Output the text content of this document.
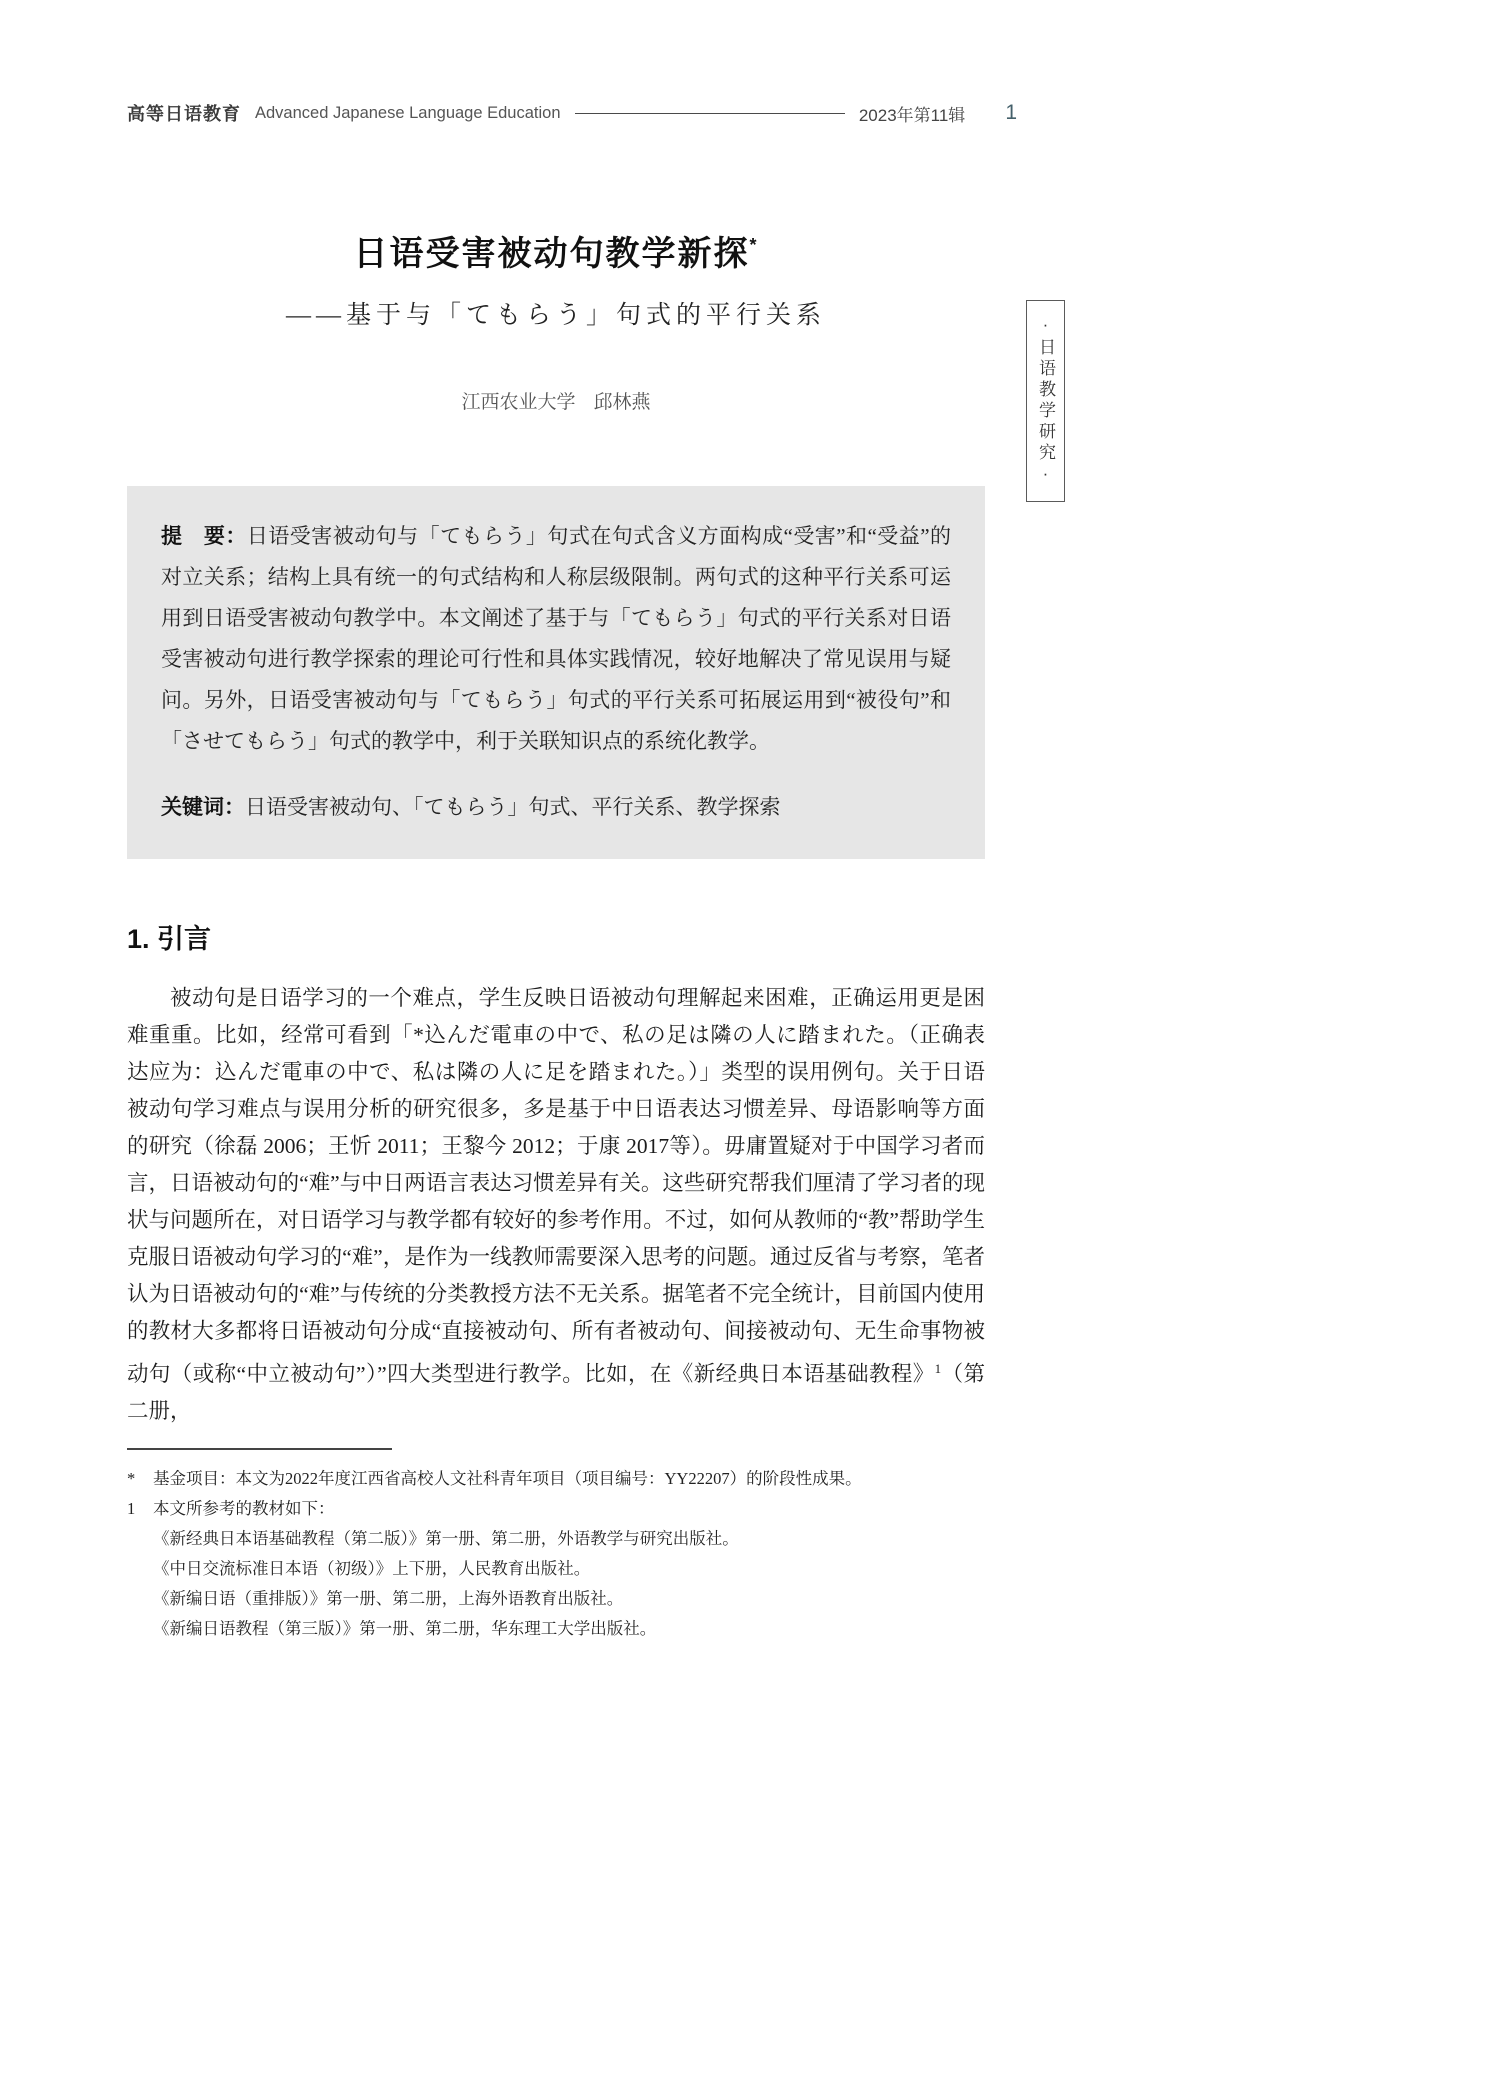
·日语教学研究·
高等日语教育 Advanced Japanese Language Education	2023年第11辑 1
日语受害被动句教学新探*
——基于与「てもらう」句式的平行关系
江西农业大学 邱林燕

提　要：日语受害被动句与「てもらう」句式在句式含义方面构成“受害”和“受益”的对立关系；结构上具有统一的句式结构和人称层级限制。两句式的这种平行关系可运用到日语受害被动句教学中。本文阐述了基于与「てもらう」句式的平行关系对日语受害被动句进行教学探索的理论可行性和具体实践情况，较好地解决了常见误用与疑问。另外，日语受害被动句与「てもらう」句式的平行关系可拓展运用到“被役句”和「させてもらう」句式的教学中，利于关联知识点的系统化教学。

关键词：日语受害被动句、「てもらう」句式、平行关系、教学探索

1. 引言

被动句是日语学习的一个难点，学生反映日语被动句理解起来困难，正确运用更是困难重重。比如，经常可看到「*込んだ電車の中で、私の足は隣の人に踏まれた。（正确表达应为：込んだ電車の中で、私は隣の人に足を踏まれた。）」类型的误用例句。关于日语被动句学习难点与误用分析的研究很多，多是基于中日语表达习惯差异、母语影响等方面的研究（徐磊 2006；王忻 2011；王黎今 2012；于康 2017等）。毋庸置疑对于中国学习者而言，日语被动句的“难”与中日两语言表达习惯差异有关。这些研究帮我们厘清了学习者的现状与问题所在，对日语学习与教学都有较好的参考作用。不过，如何从教师的“教”帮助学生克服日语被动句学习的“难”，是作为一线教师需要深入思考的问题。通过反省与考察，笔者认为日语被动句的“难”与传统的分类教授方法不无关系。据笔者不完全统计，目前国内使用的教材大多都将日语被动句分成“直接被动句、所有者被动句、间接被动句、无生命事物被动句（或称“中立被动句”）”四大类型进行教学。比如，在《新经典日本语基础教程》$^1$（第二册，

*	基金项目：本文为2022年度江西省高校人文社科青年项目（项目编号：YY22207）的阶段性成果。
1	本文所参考的教材如下：
《新经典日本语基础教程（第二版）》第一册、第二册，外语教学与研究出版社。
《中日交流标准日本语（初级）》上下册，人民教育出版社。
《新编日语（重排版）》第一册、第二册，上海外语教育出版社。
《新编日语教程（第三版）》第一册、第二册，华东理工大学出版社。
